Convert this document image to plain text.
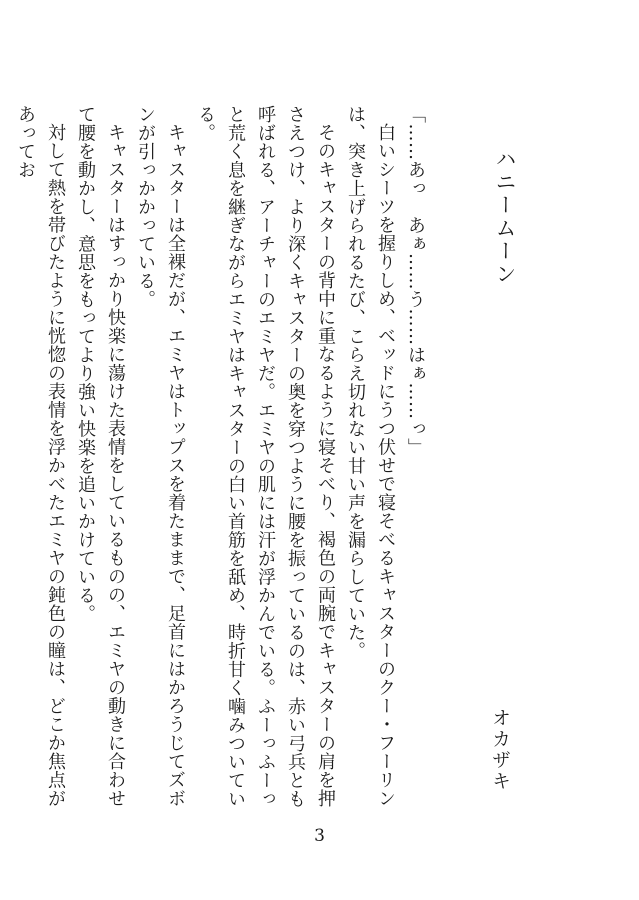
ハニームーン
オカザキ

「……あっ　あぁ……う……はぁ……っ」

白いシーツを握りしめ、ベッドにうつ伏せで寝そべるキャスターのクー・フーリンは、突き上げられるたび、こらえ切れない甘い声を漏らしていた。

そのキャスターの背中に重なるように寝そべり、褐色の両腕でキャスターの肩を押さえつけ、より深くキャスターの奥を穿つように腰を振っているのは、赤い弓兵とも呼ばれる、アーチャーのエミヤだ。エミヤの肌には汗が浮かんでいる。ふーっふーっと荒く息を継ぎながらエミヤはキャスターの白い首筋を舐め、時折甘く噛みついている。

キャスターは全裸だが、エミヤはトップスを着たままで、足首にはかろうじてズボンが引っかかっている。

キャスターはすっかり快楽に蕩けた表情をしているものの、エミヤの動きに合わせて腰を動かし、意思をもってより強い快楽を追いかけている。

対して熱を帯びたように恍惚の表情を浮かべたエミヤの鈍色の瞳は、どこか焦点があってお

3
